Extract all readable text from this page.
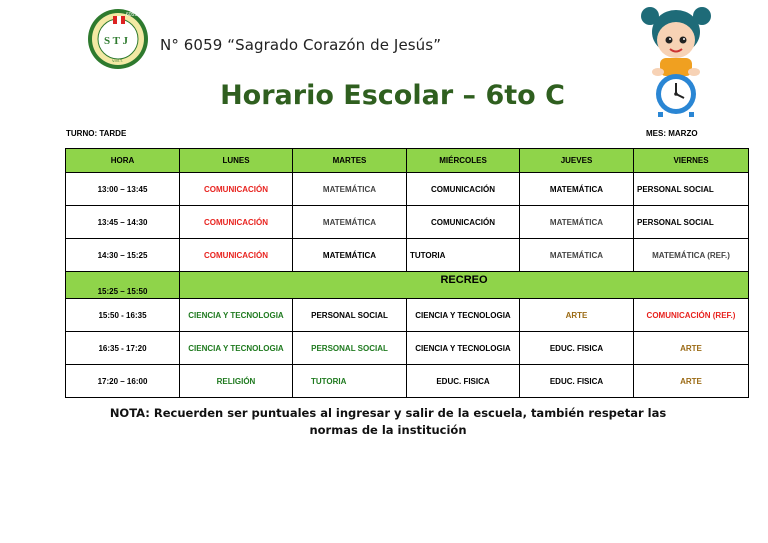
6059
S T J
V.M.T.
N° 6059 “Sagrado Corazón de Jesús”
Horario Escolar – 6to C
TURNO: TARDE	MES: MARZO
HORA	LUNES	MARTES	MIÉRCOLES	JUEVES	VIERNES
13:00 – 13:45	COMUNICACIÓN	MATEMÁTICA	COMUNICACIÓN	MATEMÁTICA	PERSONAL SOCIAL
13:45 – 14:30	COMUNICACIÓN	MATEMÁTICA	COMUNICACIÓN	MATEMÁTICA	PERSONAL SOCIAL
14:30 – 15:25	COMUNICACIÓN	MATEMÁTICA	TUTORIA	MATEMÁTICA	MATEMÁTICA (REF.)
15:25 – 15:50	RECREO				
15:50 - 16:35	CIENCIA Y TECNOLOGIA	PERSONAL SOCIAL	CIENCIA Y TECNOLOGIA	ARTE	COMUNICACIÓN (REF.)
16:35 - 17:20	CIENCIA Y TECNOLOGIA	PERSONAL SOCIAL	CIENCIA Y TECNOLOGIA	EDUC. FISICA	ARTE
17:20 – 16:00	RELIGIÓN	TUTORIA	EDUC. FISICA	EDUC. FISICA	ARTE
NOTA: Recuerden ser puntuales al ingresar y salir de la escuela, también respetar las normas de la institución
